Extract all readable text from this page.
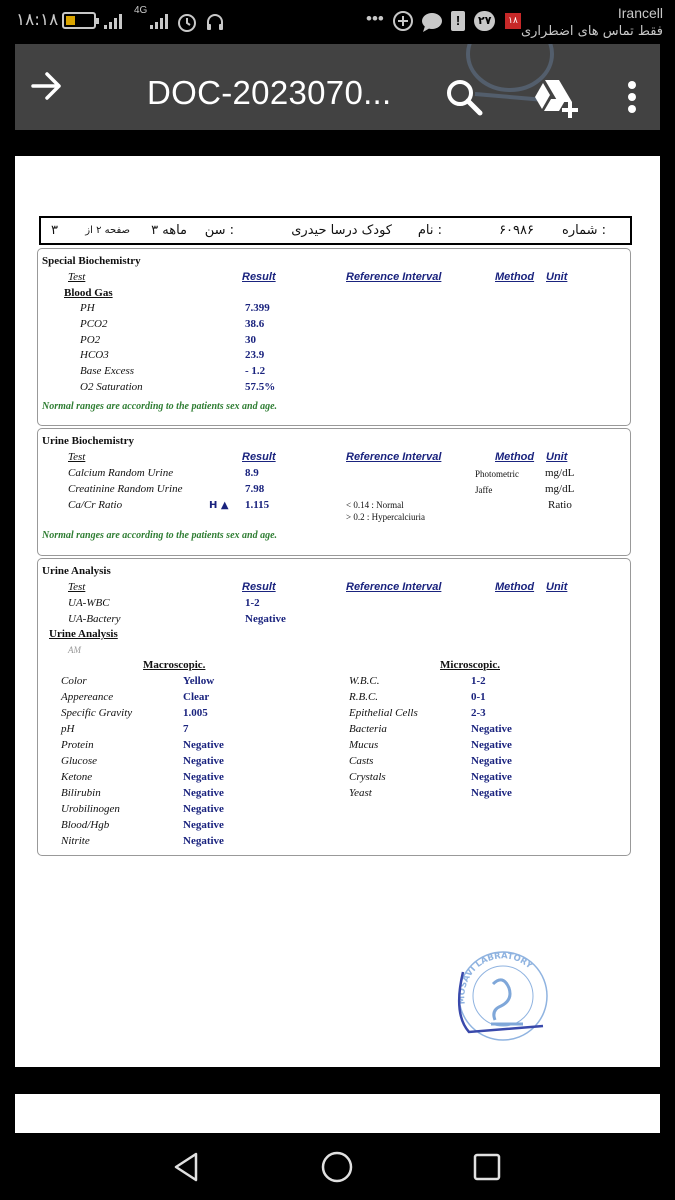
۱۸:۱۸	4G	•••	!	۲۷	۱۸	Irancell
فقط تماس های اضطراری
DOC-2023070...
شماره :
۶۰۹۸۶
نام :
کودک درسا حیدری
سن :
۳ ماهه
صفحه ۲ از
۳
Special Biochemistry
Test	Result	Reference Interval	Method Unit
Blood Gas
PH	7.399
PCO2	38.6
PO2	30
HCO3	23.9
Base Excess	- 1.2
O2 Saturation	57.5%
Normal ranges are according to the patients sex and age.
Urine Biochemistry
Test	Result	Reference Interval	Method Unit
Calcium Random Urine	8.9	Photometric mg/dL
Creatinine Random Urine	7.98	Jaffe	mg/dL
Ca/Cr Ratio	H ▲ 1.115	Ratio
< 0.14 : Normal
> 0.2 : Hypercalciuria
Normal ranges are according to the patients sex and age.
Urine Analysis
Test	Result	Reference Interval	Method Unit
UA-WBC	1-2
UA-Bactery	Negative
Urine Analysis
AM
Macroscopic.	Microscopic.
Color	Yellow
Appereance	Clear
Specific Gravity	1.005
pH	7
Protein	Negative
Glucose	Negative
Ketone	Negative
Bilirubin	Negative
Urobilinogen	Negative
Blood/Hgb	Negative
Nitrite	Negative
W.B.C.	1-2
R.B.C.	0-1
Epithelial Cells	2-3
Bacteria	Negative
Mucus	Negative
Casts	Negative
Crystals	Negative
Yeast	Negative
MOSAVI LABRATORY
